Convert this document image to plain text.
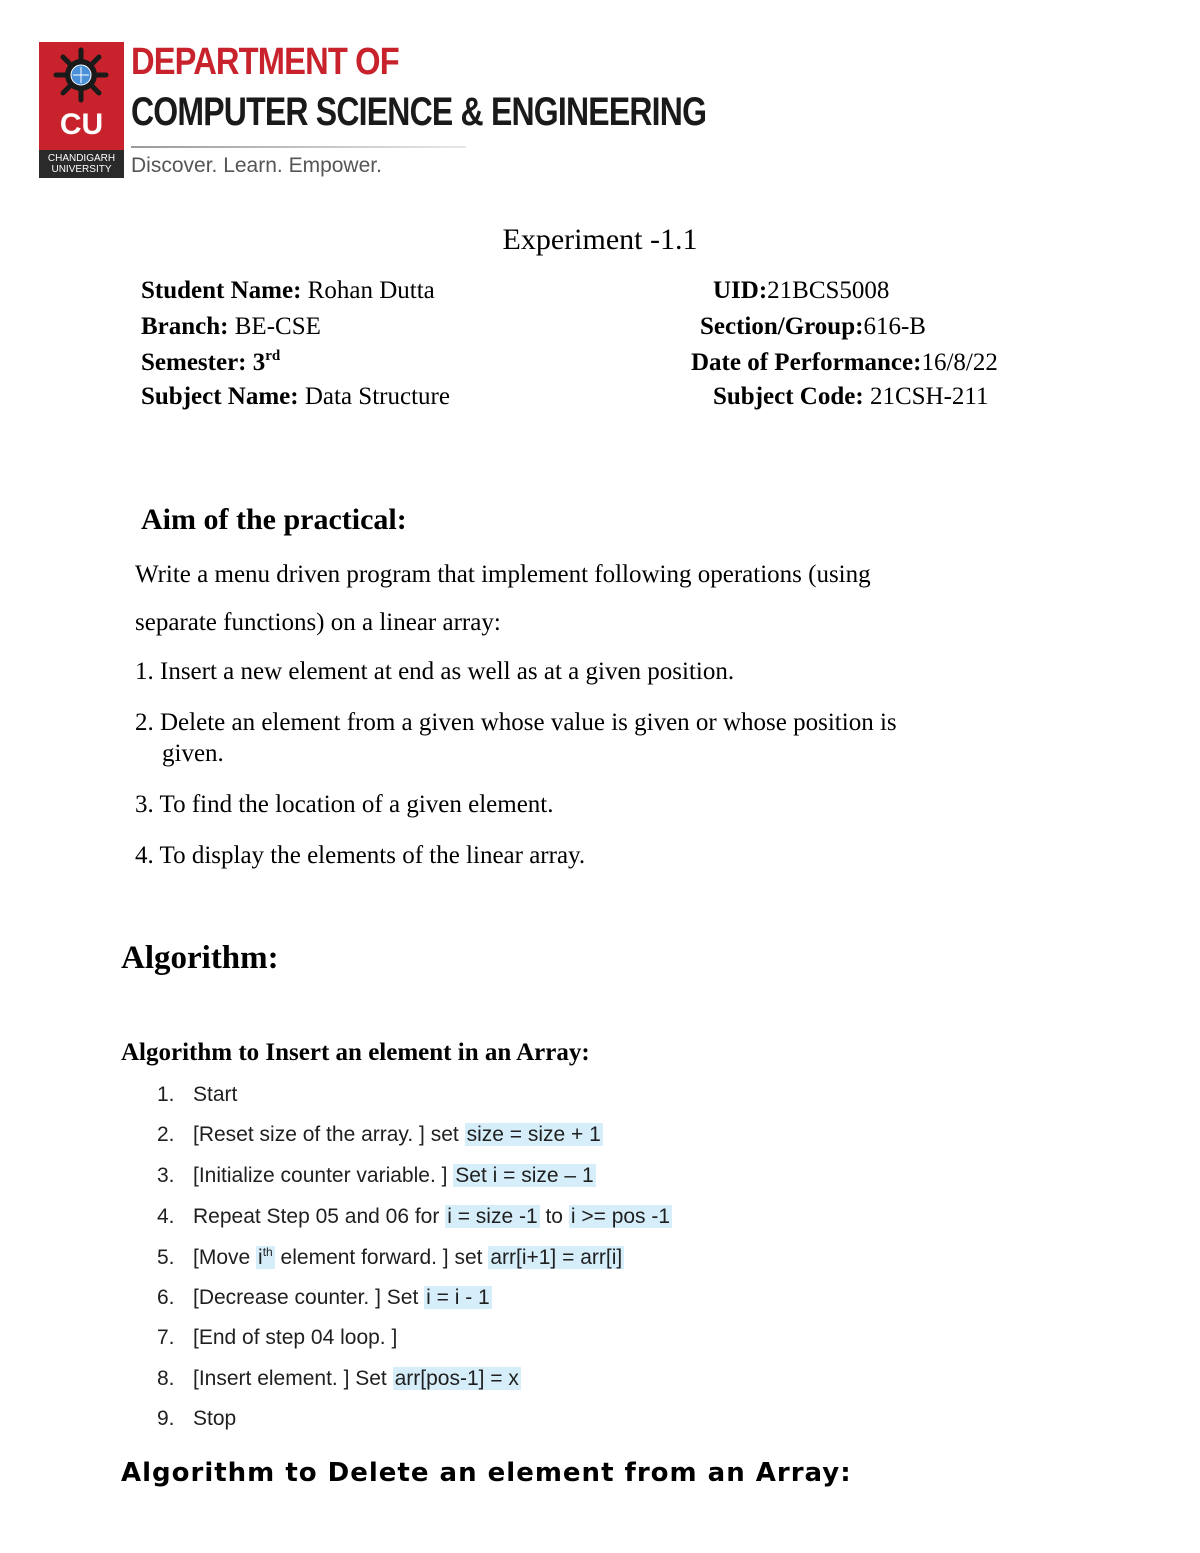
CU
CHANDIGARH
UNIVERSITY
DEPARTMENT OF
COMPUTER SCIENCE & ENGINEERING
Discover. Learn. Empower.
Experiment -1.1
Student Name: Rohan Dutta	UID:21BCS5008
Branch: BE-CSE	Section/Group:616-B
Semester: 3rd	Date of Performance:16/8/22
Subject Name: Data Structure	Subject Code: 21CSH-211
Aim of the practical:
Write a menu driven program that implement following operations (using
separate functions) on a linear array:
1. Insert a new element at end as well as at a given position.
2. Delete an element from a given whose value is given or whose position is
given.
3. To find the location of a given element.
4. To display the elements of the linear array.
Algorithm:
Algorithm to Insert an element in an Array:
1. Start
2. [Reset size of the array. ] set size = size + 1
3. [Initialize counter variable. ] Set i = size – 1
4. Repeat Step 05 and 06 for i = size -1 to i >= pos -1
5. [Move $i^{th}$ element forward. ] set arr[i+1] = arr[i]
6. [Decrease counter. ] Set i = i - 1
7. [End of step 04 loop. ]
8. [Insert element. ] Set arr[pos-1] = x
9. Stop
Algorithm to Delete an element from an Array:
